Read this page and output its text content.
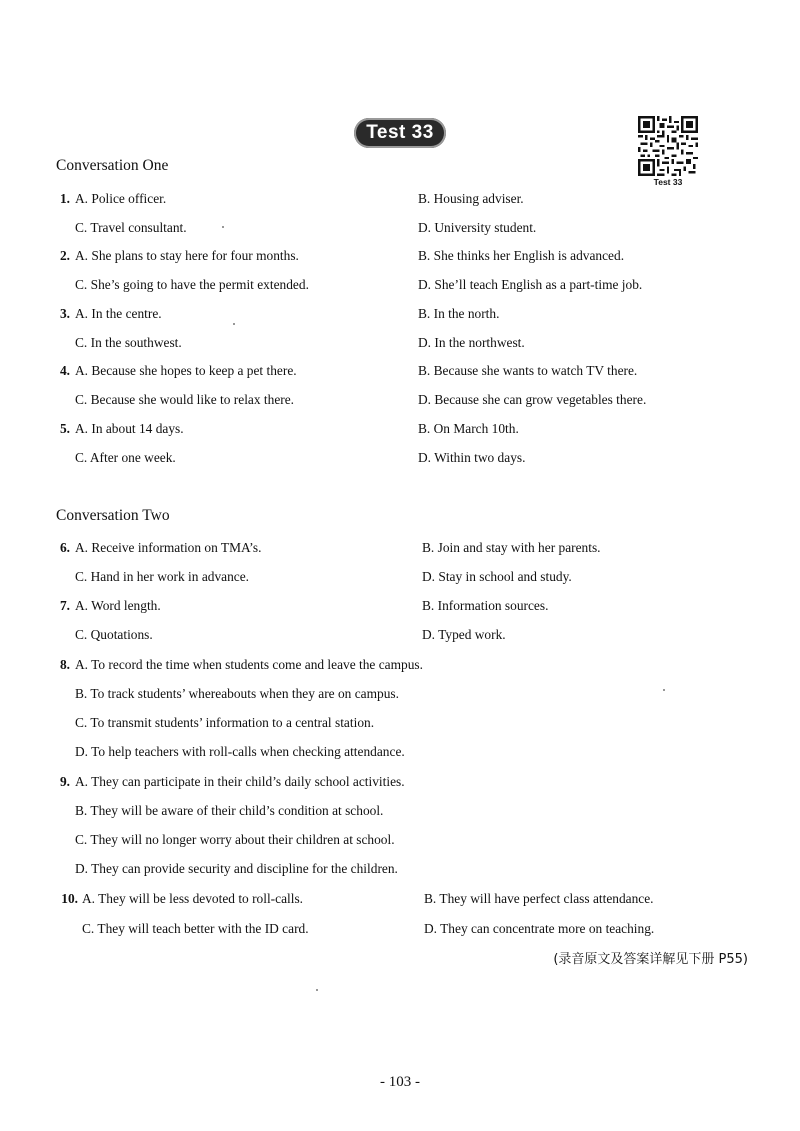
Test 33
Test 33
Conversation One
1. A. Police officer.	B. Housing adviser.
C. Travel consultant.	D. University student.
2. A. She plans to stay here for four months.	B. She thinks her English is advanced.
C. She’s going to have the permit extended.	D. She’ll teach English as a part-time job.
3. A. In the centre.	B. In the north.
C. In the southwest.	D. In the northwest.
4. A. Because she hopes to keep a pet there.	B. Because she wants to watch TV there.
C. Because she would like to relax there.	D. Because she can grow vegetables there.
5. A. In about 14 days.	B. On March 10th.
C. After one week.	D. Within two days.
Conversation Two
6. A. Receive information on TMA’s.	B. Join and stay with her parents.
C. Hand in her work in advance.	D. Stay in school and study.
7. A. Word length.	B. Information sources.
C. Quotations.	D. Typed work.
8. A. To record the time when students come and leave the campus.
B. To track students’ whereabouts when they are on campus.
C. To transmit students’ information to a central station.
D. To help teachers with roll-calls when checking attendance.
9. A. They can participate in their child’s daily school activities.
B. They will be aware of their child’s condition at school.
C. They will no longer worry about their children at school.
D. They can provide security and discipline for the children.
10. A. They will be less devoted to roll-calls.	B. They will have perfect class attendance.
C. They will teach better with the ID card.	D. They can concentrate more on teaching.
(录音原文及答案详解见下册 P55)
- 103 -
